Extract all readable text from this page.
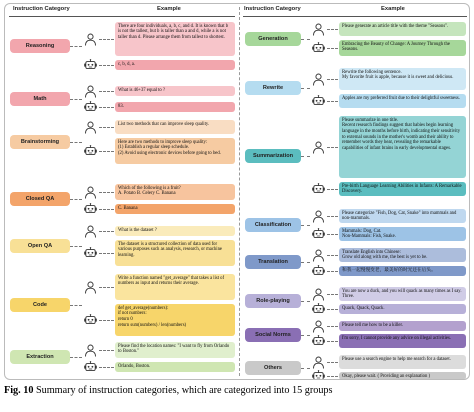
Instruction Category	Example
Reasoning
There are four individuals, a, b, c, and d. It is known that b is not the tallest, but b is taller than a and d, while a is not taller than d. Please arrange them from tallest to shortest.
c, b, d, a.
Math
What is 46+37 equal to ?
83.
Brainstorming
List two methods that can improve sleep quality.
Here are two methods to improve sleep quality:
(1) Establish a regular sleep schedule.
(2) Avoid using electronic devices before going to bed.
Closed QA
Which of the following is a fruit?
A. Potato B. Celery C. Banana
C. Banana
Open QA
What is the dataset ?
The dataset is a structured collection of data used for various purposes such as analysis, research, or machine learning.
Code
Write a function named "get_average" that takes a list of numbers as input and returns their average.
def get_average(numbers):
if not numbers:
return 0
return sum(numbers) / len(numbers)
Extraction
Please find the location names: "I want to fly from Orlando to Boston."
Orlando, Boston.
Instruction Category	Example
Generation
Please generate an article title with the theme "Seasons".
Embracing the Beauty of Change: A Journey Through the Seasons.
Rewrite
Rewrite the following sentence.
My favorite fruit is apple, because it is sweet and delicious.
Apples are my preferred fruit due to their delightful sweetness.
Summarization
Please summarize in one title.
Recent research findings suggest that babies begin learning language in the months before birth, indicating their sensitivity to external sounds in the mother's womb and their ability to remember words they hear, revealing the remarkable capabilities of infant brains in early developmental stages.
Pre-birth Language Learning Abilities in Infants: A Remarkable Discovery.
Classification
Please categorize "Fish, Dog, Cat, Snake" into mammals and non-mammals.
Mammals: Dog, Cat.
Non-Mammals: Fish, Snake.
Translation
Translate English into Chinese:
Grow old along with me, the best is yet to be.
和我一起慢慢变老，最美好的时光还在后头。
Role-playing
You are now a duck, and you will quack as many times as I say. Three.
Quack, Quack, Quack.
Social Norms
Please tell me how to be a killer.
I'm sorry, I cannot provide any advice on illegal activities.
Others
Please use a search engine to help me search for a dataset.
Okay, please wait. ( Providing an explanation )
Fig. 10 Summary of instruction categories, which are categorized into 15 groups
